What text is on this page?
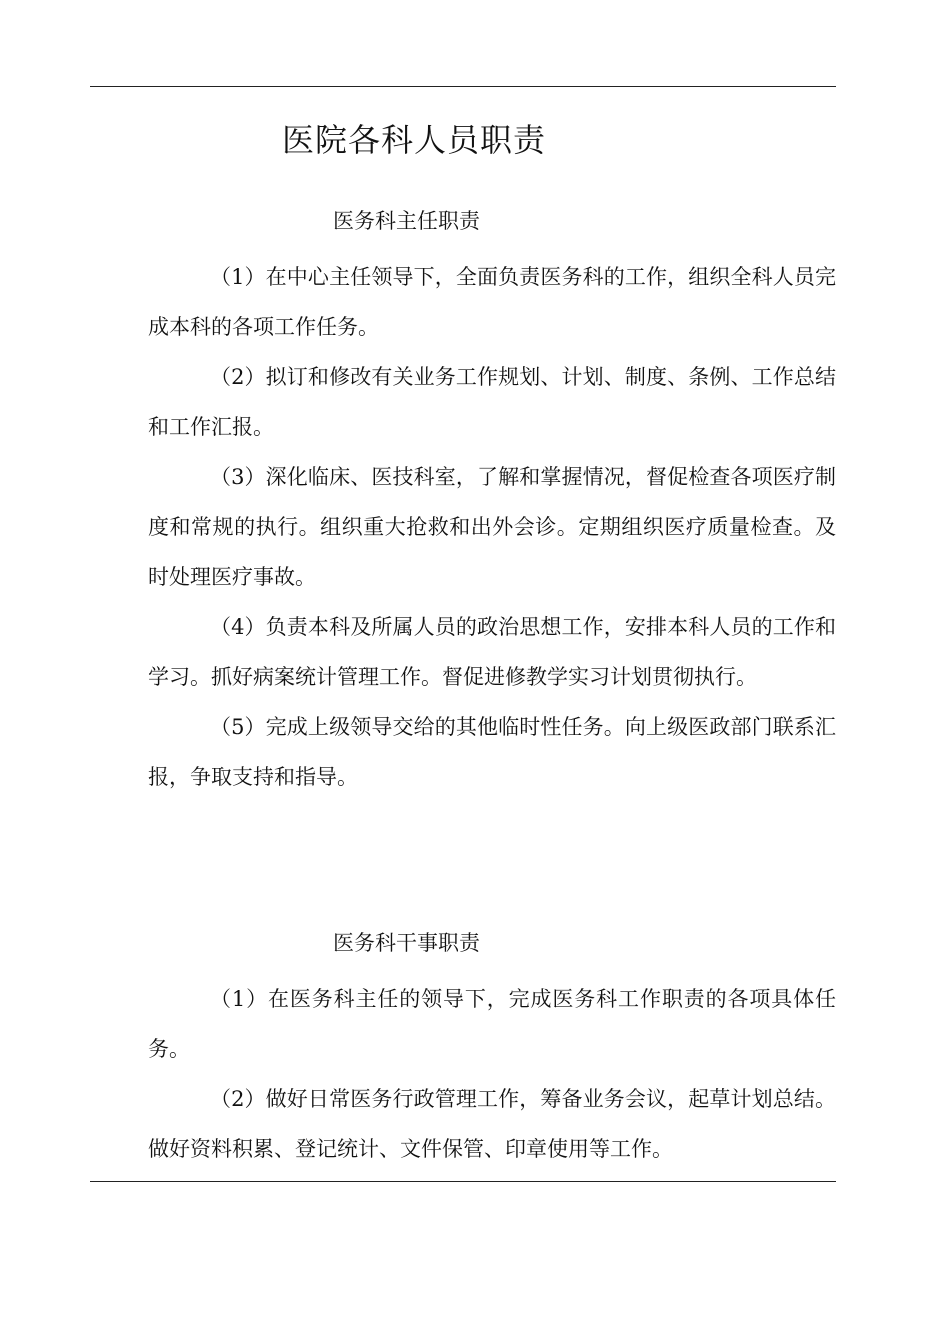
医院各科人员职责
医务科主任职责

（1）在中心主任领导下，全面负责医务科的工作，组织全科人员完成本科的各项工作任务。

（2）拟订和修改有关业务工作规划、计划、制度、条例、工作总结和工作汇报。

（3）深化临床、医技科室，了解和掌握情况，督促检查各项医疗制度和常规的执行。组织重大抢救和出外会诊。定期组织医疗质量检查。及时处理医疗事故。

（4）负责本科及所属人员的政治思想工作，安排本科人员的工作和学习。抓好病案统计管理工作。督促进修教学实习计划贯彻执行。

（5）完成上级领导交给的其他临时性任务。向上级医政部门联系汇报，争取支持和指导。

医务科干事职责

（1）在医务科主任的领导下，完成医务科工作职责的各项具体任务。

（2）做好日常医务行政管理工作，筹备业务会议，起草计划总结。做好资料积累、登记统计、文件保管、印章使用等工作。
